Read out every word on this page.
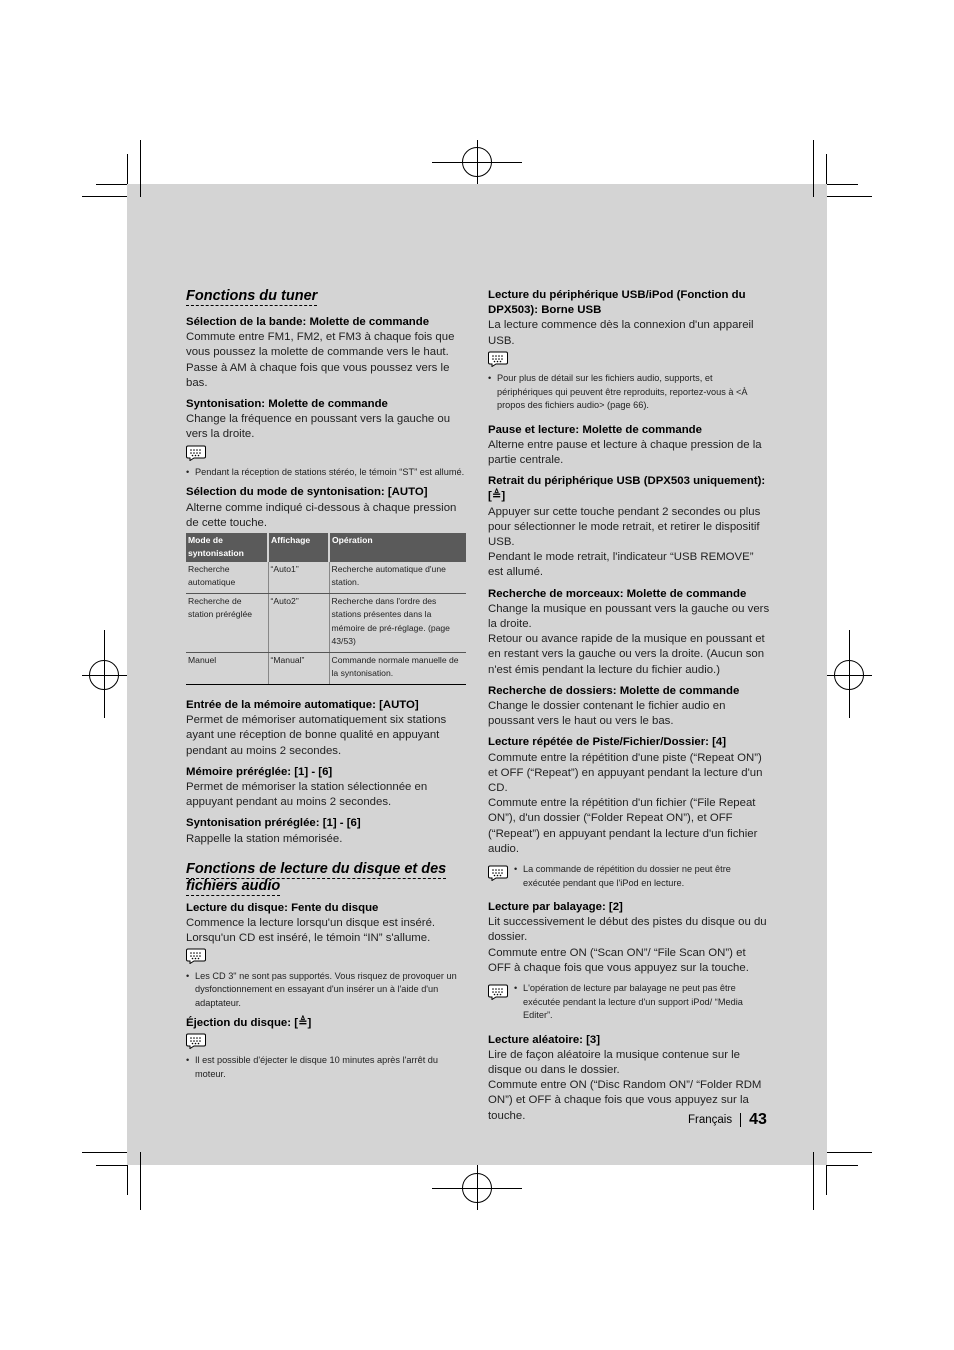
Fonctions du tuner
Sélection de la bande: Molette de commande
Commute entre FM1, FM2, et FM3 à chaque fois que vous poussez la molette de commande vers le haut. Passe à AM à chaque fois que vous poussez vers le bas.
Syntonisation: Molette de commande
Change la fréquence en poussant vers la gauche ou vers la droite.
• Pendant la réception de stations stéréo, le témoin “ST” est allumé.
Sélection du mode de syntonisation: [AUTO]
Alterne comme indiqué ci-dessous à chaque pression de cette touche.
Mode de syntonisation	Affichage	Opération
Recherche automatique	“Auto1”	Recherche automatique d'une station.
Recherche de station préréglée	“Auto2”	Recherche dans l'ordre des stations présentes dans la mémoire de pré-réglage. (page 43/53)
Manuel	“Manual”	Commande normale manuelle de la syntonisation.
Entrée de la mémoire automatique: [AUTO]
Permet de mémoriser automatiquement six stations ayant une réception de bonne qualité en appuyant pendant au moins 2 secondes.
Mémoire préréglée: [1] - [6]
Permet de mémoriser la station sélectionnée en appuyant pendant au moins 2 secondes.
Syntonisation préréglée: [1] - [6]
Rappelle la station mémorisée.
Fonctions de lecture du disque et des fichiers audio
Lecture du disque: Fente du disque
Commence la lecture lorsqu'un disque est inséré. Lorsqu'un CD est inséré, le témoin “IN” s'allume.
• Les CD 3" ne sont pas supportés. Vous risquez de provoquer un dysfonctionnement en essayant d'un insérer un à l'aide d'un adaptateur.
Éjection du disque: [≜]
• Il est possible d'éjecter le disque 10 minutes après l'arrêt du moteur.
Lecture du périphérique USB/iPod (Fonction du DPX503): Borne USB
La lecture commence dès la connexion d'un appareil USB.
• Pour plus de détail sur les fichiers audio, supports, et périphériques qui peuvent être reproduits, reportez-vous à <À propos des fichiers audio> (page 66).
Pause et lecture: Molette de commande
Alterne entre pause et lecture à chaque pression de la partie centrale.
Retrait du périphérique USB (DPX503 uniquement): [≜]
Appuyer sur cette touche pendant 2 secondes ou plus pour sélectionner le mode retrait, et retirer le dispositif USB.
Pendant le mode retrait, l'indicateur “USB REMOVE” est allumé.
Recherche de morceaux: Molette de commande
Change la musique en poussant vers la gauche ou vers la droite.
Retour ou avance rapide de la musique en poussant et en restant vers la gauche ou vers la droite. (Aucun son n'est émis pendant la lecture du fichier audio.)
Recherche de dossiers: Molette de commande
Change le dossier contenant le fichier audio en poussant vers le haut ou vers le bas.
Lecture répétée de Piste/Fichier/Dossier: [4]
Commute entre la répétition d'une piste (“Repeat ON”) et OFF (“Repeat”) en appuyant pendant la lecture d'un CD.
Commute entre la répétition d'un fichier (“File Repeat ON”), d'un dossier (“Folder Repeat ON”), et OFF (“Repeat”) en appuyant pendant la lecture d'un fichier audio.
• La commande de répétition du dossier ne peut être exécutée pendant que l'iPod en lecture.
Lecture par balayage: [2]
Lit successivement le début des pistes du disque ou du dossier.
Commute entre ON (“Scan ON”/ “File Scan ON”) et OFF à chaque fois que vous appuyez sur la touche.
• L'opération de lecture par balayage ne peut pas être exécutée pendant la lecture d'un support iPod/ “Media Editer”.
Lecture aléatoire: [3]
Lire de façon aléatoire la musique contenue sur le disque ou dans le dossier.
Commute entre ON (“Disc Random ON”/ “Folder RDM ON”) et OFF à chaque fois que vous appuyez sur la touche.	Français 43
